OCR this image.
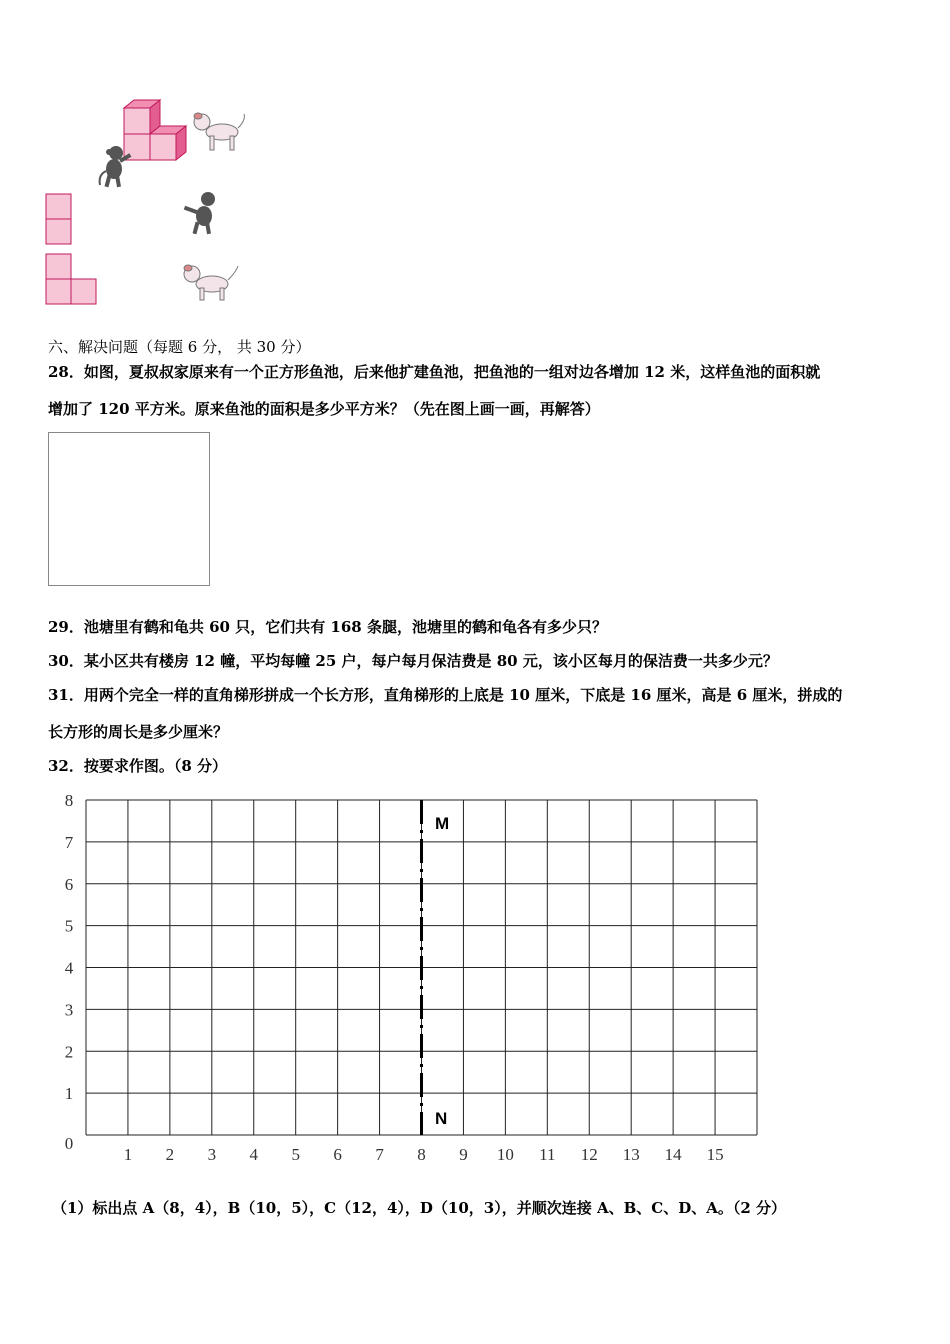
六、解决问题（每题 6 分， 共 30 分）
28．如图，夏叔叔家原来有一个正方形鱼池，后来他扩建鱼池，把鱼池的一组对边各增加 12 米，这样鱼池的面积就
增加了 120 平方米。原来鱼池的面积是多少平方米？（先在图上画一画，再解答）
29．池塘里有鹤和龟共 60 只，它们共有 168 条腿，池塘里的鹤和龟各有多少只？
30．某小区共有楼房 12 幢，平均每幢 25 户，每户每月保洁费是 80 元，该小区每月的保洁费一共多少元？
31．用两个完全一样的直角梯形拼成一个长方形，直角梯形的上底是 10 厘米，下底是 16 厘米，高是 6 厘米，拼成的
长方形的周长是多少厘米？
32．按要求作图。（8 分）
M
N
1 2 3 4 5 6 7 8 9 10 11 12 13 14 15
0
1
2
3
4
5
6
7
8
（1）标出点 A（8，4），B（10，5），C（12，4），D（10，3），并顺次连接 A、B、C、D、A。（2 分）
